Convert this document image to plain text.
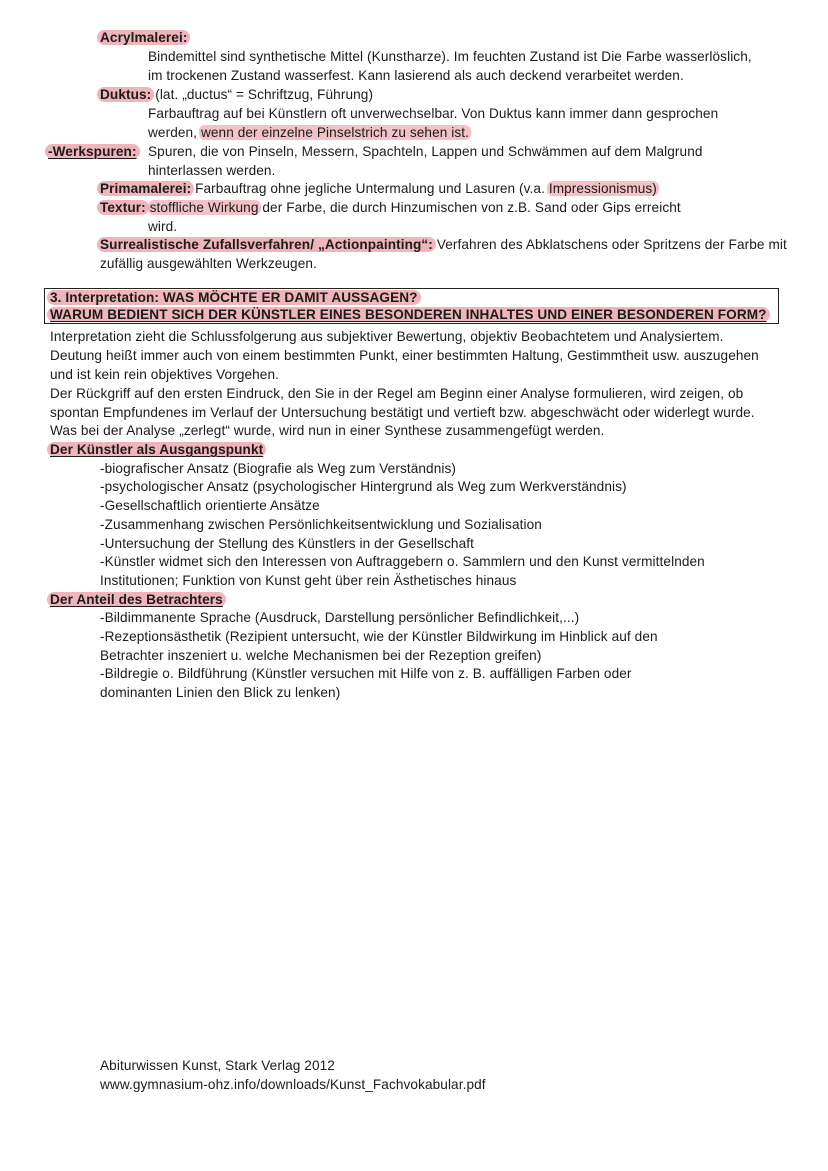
Acrylmalerei:
Bindemittel sind synthetische Mittel (Kunstharze). Im feuchten Zustand ist Die Farbe wasserlöslich,
im trockenen Zustand wasserfest. Kann lasierend als auch deckend verarbeitet werden.
Duktus: (lat. „ductus“ = Schriftzug, Führung)
Farbauftrag auf bei Künstlern oft unverwechselbar. Von Duktus kann immer dann gesprochen
werden, wenn der einzelne Pinselstrich zu sehen ist.
-Werkspuren: Spuren, die von Pinseln, Messern, Spachteln, Lappen und Schwämmen auf dem Malgrund
hinterlassen werden.
Primamalerei: Farbauftrag ohne jegliche Untermalung und Lasuren (v.a. Impressionismus)
Textur: stoffliche Wirkung der Farbe, die durch Hinzumischen von z.B. Sand oder Gips erreicht
wird.
Surrealistische Zufallsverfahren/ „Actionpainting“: Verfahren des Abklatschens oder Spritzens der Farbe mit
zufällig ausgewählten Werkzeugen.
3. Interpretation: WAS MÖCHTE ER DAMIT AUSSAGEN?
WARUM BEDIENT SICH DER KÜNSTLER EINES BESONDEREN INHALTES UND EINER BESONDEREN FORM?
Interpretation zieht die Schlussfolgerung aus subjektiver Bewertung, objektiv Beobachtetem und Analysiertem.
Deutung heißt immer auch von einem bestimmten Punkt, einer bestimmten Haltung, Gestimmtheit usw. auszugehen
und ist kein rein objektives Vorgehen.
Der Rückgriff auf den ersten Eindruck, den Sie in der Regel am Beginn einer Analyse formulieren, wird zeigen, ob
spontan Empfundenes im Verlauf der Untersuchung bestätigt und vertieft bzw. abgeschwächt oder widerlegt wurde.
Was bei der Analyse „zerlegt“ wurde, wird nun in einer Synthese zusammengefügt werden.
Der Künstler als Ausgangspunkt
-biografischer Ansatz (Biografie als Weg zum Verständnis)
-psychologischer Ansatz (psychologischer Hintergrund als Weg zum Werkverständnis)
-Gesellschaftlich orientierte Ansätze
-Zusammenhang zwischen Persönlichkeitsentwicklung und Sozialisation
-Untersuchung der Stellung des Künstlers in der Gesellschaft
-Künstler widmet sich den Interessen von Auftraggebern o. Sammlern und den Kunst vermittelnden
Institutionen; Funktion von Kunst geht über rein Ästhetisches hinaus
Der Anteil des Betrachters
-Bildimmanente Sprache (Ausdruck, Darstellung persönlicher Befindlichkeit,...)
-Rezeptionsästhetik (Rezipient untersucht, wie der Künstler Bildwirkung im Hinblick auf den
Betrachter inszeniert u. welche Mechanismen bei der Rezeption greifen)
-Bildregie o. Bildführung (Künstler versuchen mit Hilfe von z. B. auffälligen Farben oder
dominanten Linien den Blick zu lenken)
Abiturwissen Kunst, Stark Verlag 2012
www.gymnasium-ohz.info/downloads/Kunst_Fachvokabular.pdf
